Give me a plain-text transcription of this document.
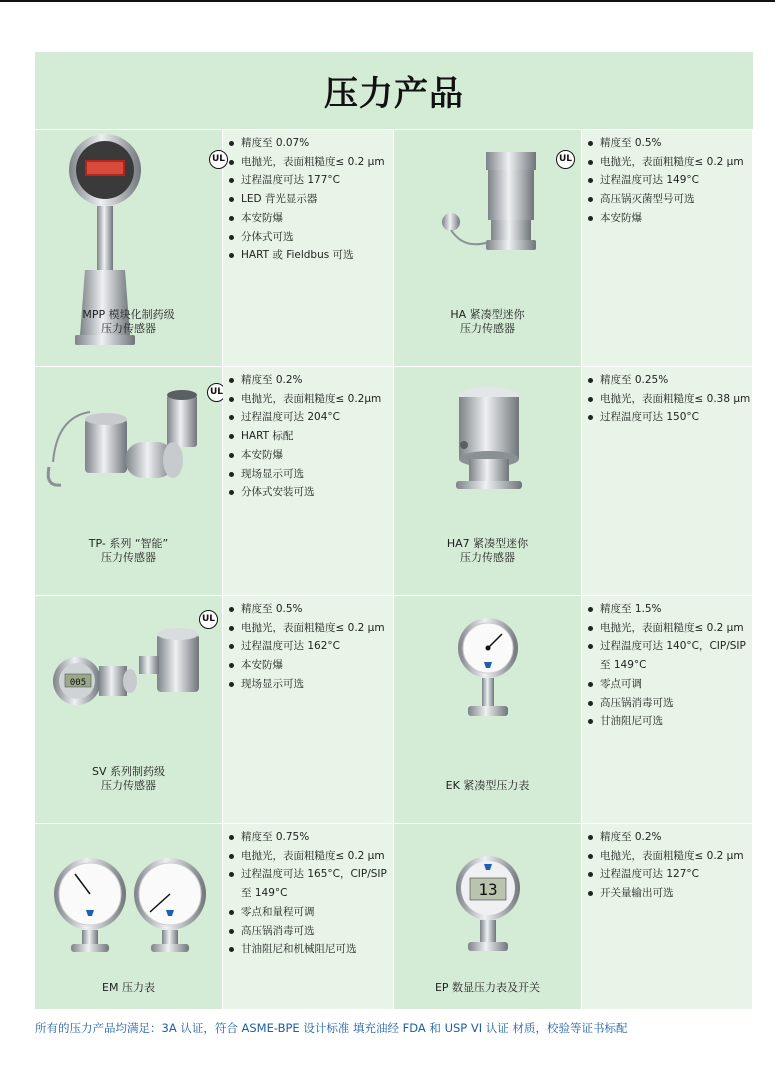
压力产品
MPP 模块化制药级
压力传感器
UL
精度至 0.07%
电抛光，表面粗糙度≤ 0.2 μm
过程温度可达 177°C
LED 背光显示器
本安防爆
分体式可选
HART 或 Fieldbus 可选
HA 紧凑型迷你
压力传感器
UL
精度至 0.5%
电抛光，表面粗糙度≤ 0.2 μm
过程温度可达 149°C
高压锅灭菌型号可选
本安防爆
UL
TP- 系列 “智能”
压力传感器
精度至 0.2%
电抛光，表面粗糙度≤ 0.2μm
过程温度可达 204°C
HART 标配
本安防爆
现场显示可选
分体式安装可选
HA7 紧凑型迷你
压力传感器
精度至 0.25%
电抛光，表面粗糙度≤ 0.38 μm
过程温度可达 150°C
UL
005
SV 系列制药级
压力传感器
精度至 0.5%
电抛光，表面粗糙度≤ 0.2 μm
过程温度可达 162°C
本安防爆
现场显示可选
EK 紧凑型压力表
精度至 1.5%
电抛光，表面粗糙度≤ 0.2 μm
过程温度可达 140°C，CIP/SIP 至 149°C
零点可调
高压锅消毒可选
甘油阻尼可选
EM 压力表
精度至 0.75%
电抛光，表面粗糙度≤ 0.2 μm
过程温度可达 165°C，CIP/SIP 至 149°C
零点和量程可调
高压锅消毒可选
甘油阻尼和机械阻尼可选
13
EP 数显压力表及开关
精度至 0.2%
电抛光，表面粗糙度≤ 0.2 μm
过程温度可达 127°C
开关量输出可选
所有的压力产品均满足：3A 认证，符合 ASME-BPE 设计标准 填充油经 FDA 和 USP VI 认证 材质，校验等证书标配
